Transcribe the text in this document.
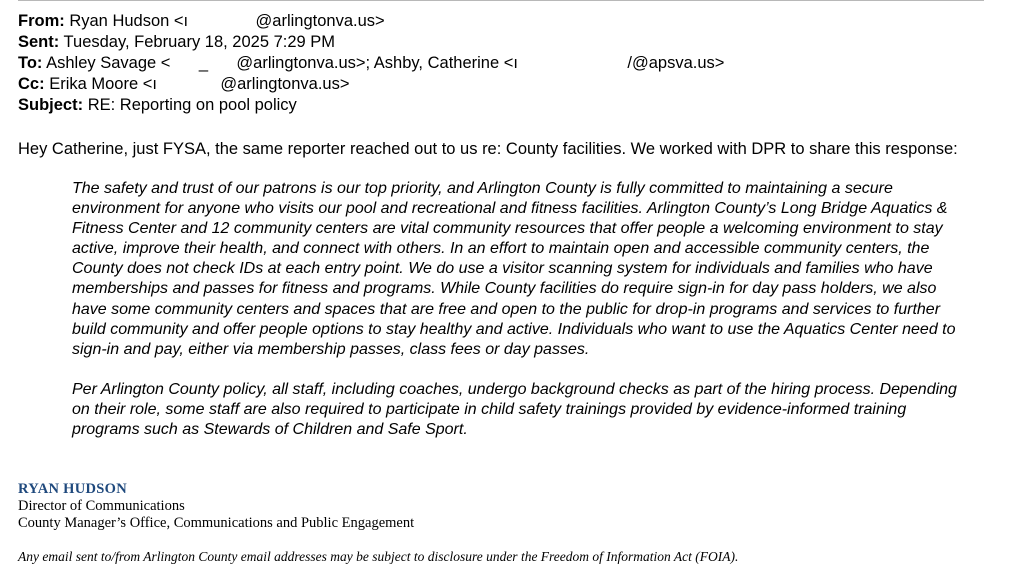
From: Ryan Hudson <ı	@arlingtonva.us>
Sent: Tuesday, February 18, 2025 7:29 PM
To: Ashley Savage < _ @arlingtonva.us>; Ashby, Catherine <ı	/@apsva.us>
Cc: Erika Moore <ı	@arlingtonva.us>
Subject: RE: Reporting on pool policy
Hey Catherine, just FYSA, the same reporter reached out to us re: County facilities. We worked with DPR to share this response:
The safety and trust of our patrons is our top priority, and Arlington County is fully committed to maintaining a secure
environment for anyone who visits our pool and recreational and fitness facilities. Arlington County’s Long Bridge Aquatics &
Fitness Center and 12 community centers are vital community resources that offer people a welcoming environment to stay
active, improve their health, and connect with others. In an effort to maintain open and accessible community centers, the
County does not check IDs at each entry point. We do use a visitor scanning system for individuals and families who have
memberships and passes for fitness and programs. While County facilities do require sign-in for day pass holders, we also
have some community centers and spaces that are free and open to the public for drop-in programs and services to further
build community and offer people options to stay healthy and active. Individuals who want to use the Aquatics Center need to
sign-in and pay, either via membership passes, class fees or day passes.
Per Arlington County policy, all staff, including coaches, undergo background checks as part of the hiring process. Depending
on their role, some staff are also required to participate in child safety trainings provided by evidence-informed training
programs such as Stewards of Children and Safe Sport.
RYAN HUDSON
Director of Communications
County Manager’s Office, Communications and Public Engagement
Any email sent to/from Arlington County email addresses may be subject to disclosure under the Freedom of Information Act (FOIA).
